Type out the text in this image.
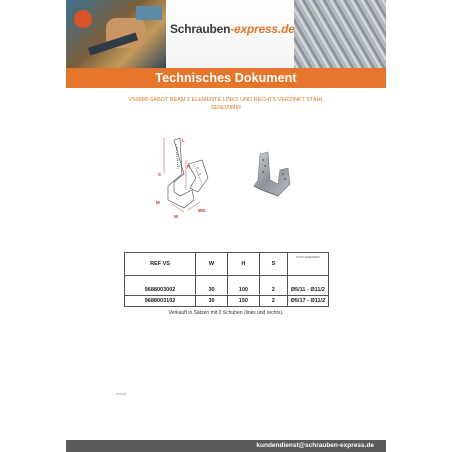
Schrauben-express.de
Technisches Dokument
VS9688-SABOT BEAM 2 ELEMENTE LINKS UND RECHTS VERZINKT STAHL
SENDZIMIR
L
H
S
M
W
WD
REF VS	W	H	S	DURCHMESSER
9688003002	30	100	2	Ø5/11 - Ø11/2
9688003102	30	150	2	Ø5/17 - Ø11/2
Verkauft in Sätzen mit 2 Schuhen (links und rechts).
......STAND......
kundendienst@schrauben-express.de
